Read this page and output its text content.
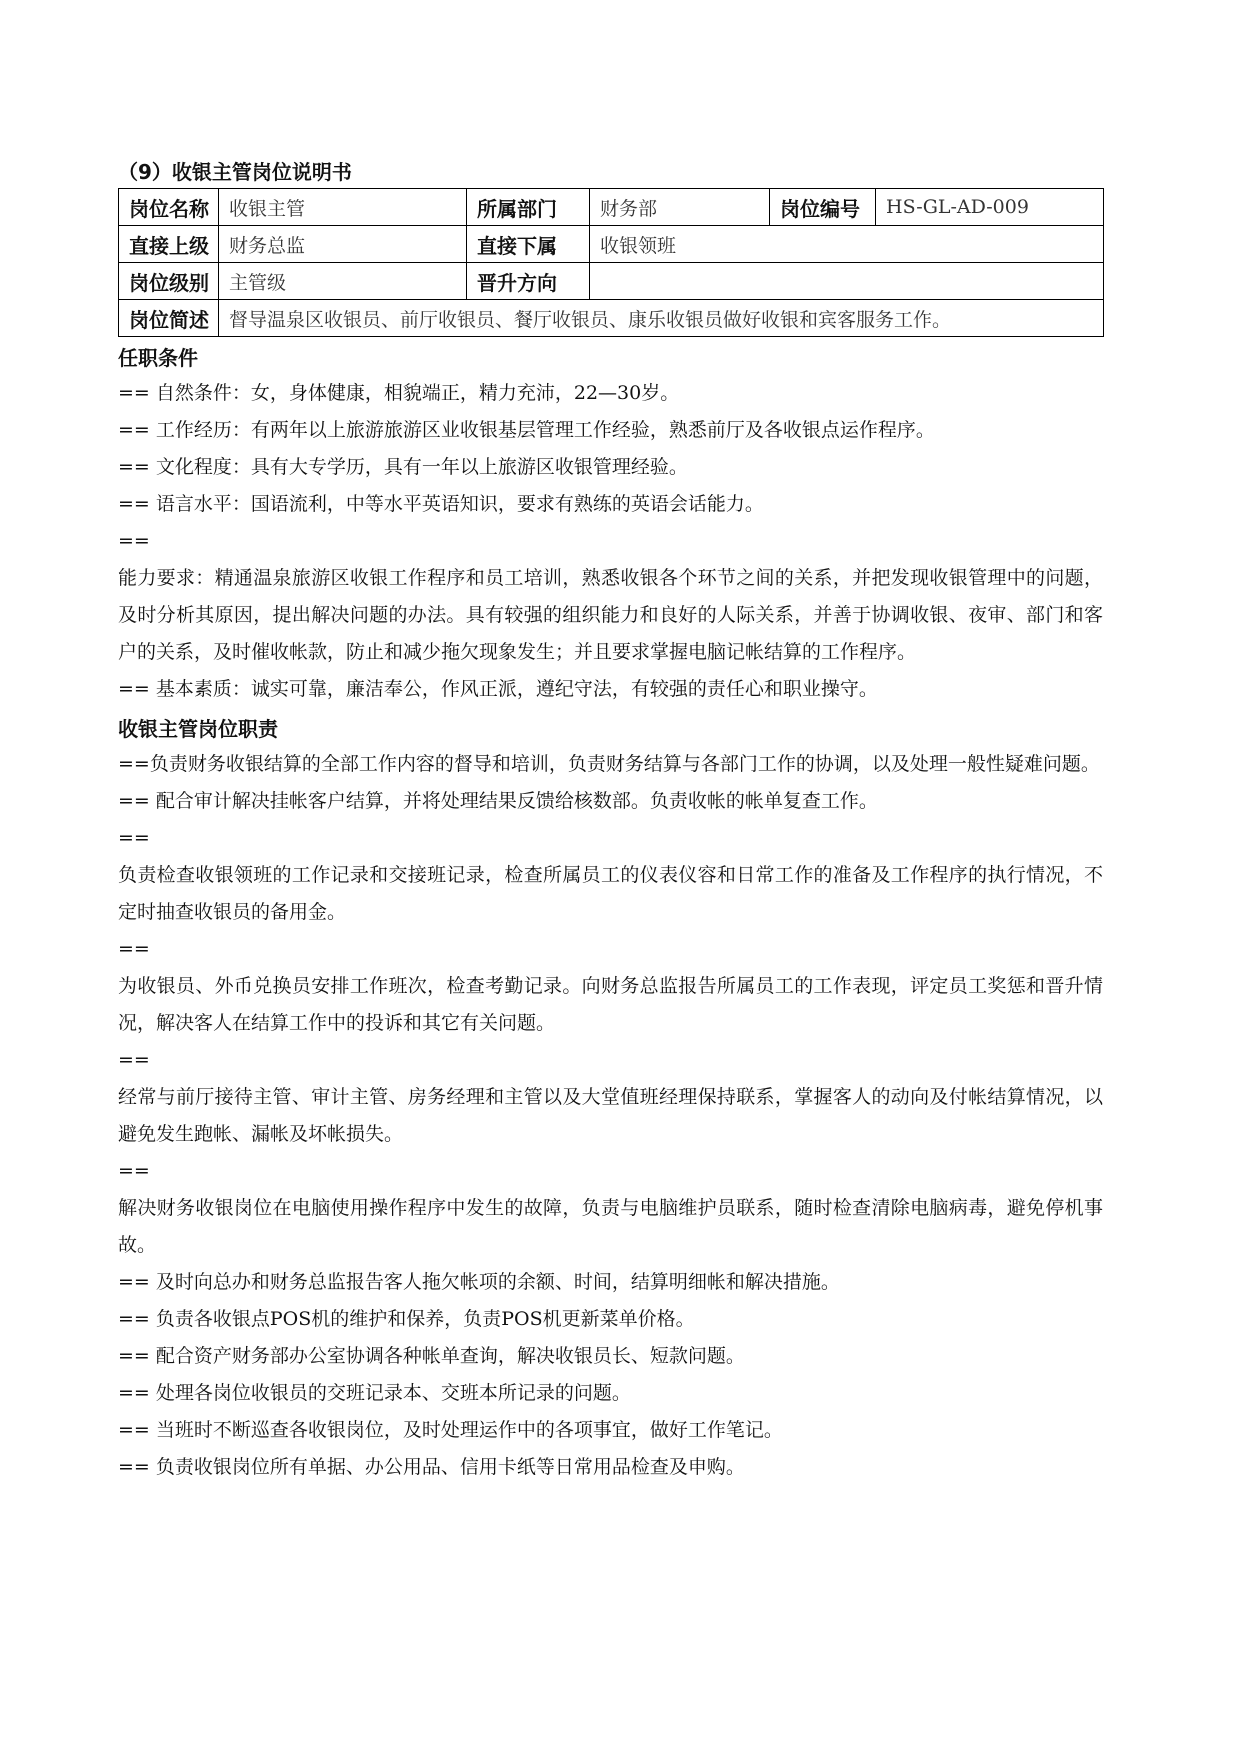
（9）收银主管岗位说明书
岗位名称	收银主管	所属部门	财务部	岗位编号	HS-GL-AD-009
直接上级	财务总监	直接下属	收银领班		
岗位级别	主管级	晋升方向			
岗位简述	督导温泉区收银员、前厅收银员、餐厅收银员、康乐收银员做好收银和宾客服务工作。				
任职条件

== 自然条件：女，身体健康，相貌端正，精力充沛，22—30岁。

== 工作经历：有两年以上旅游旅游区业收银基层管理工作经验，熟悉前厅及各收银点运作程序。

== 文化程度：具有大专学历，具有一年以上旅游区收银管理经验。

== 语言水平：国语流利，中等水平英语知识，要求有熟练的英语会话能力。

==

能力要求：精通温泉旅游区收银工作程序和员工培训，熟悉收银各个环节之间的关系，并把发现收银管理中的问题，及时分析其原因，提出解决问题的办法。具有较强的组织能力和良好的人际关系，并善于协调收银、夜审、部门和客户的关系，及时催收帐款，防止和减少拖欠现象发生；并且要求掌握电脑记帐结算的工作程序。

== 基本素质：诚实可靠，廉洁奉公，作风正派，遵纪守法，有较强的责任心和职业操守。

收银主管岗位职责

==负责财务收银结算的全部工作内容的督导和培训，负责财务结算与各部门工作的协调，以及处理一般性疑难问题。

== 配合审计解决挂帐客户结算，并将处理结果反馈给核数部。负责收帐的帐单复查工作。

==

负责检查收银领班的工作记录和交接班记录，检查所属员工的仪表仪容和日常工作的准备及工作程序的执行情况，不定时抽查收银员的备用金。

==

为收银员、外币兑换员安排工作班次，检查考勤记录。向财务总监报告所属员工的工作表现，评定员工奖惩和晋升情况，解决客人在结算工作中的投诉和其它有关问题。

==

经常与前厅接待主管、审计主管、房务经理和主管以及大堂值班经理保持联系，掌握客人的动向及付帐结算情况，以避免发生跑帐、漏帐及坏帐损失。

==

解决财务收银岗位在电脑使用操作程序中发生的故障，负责与电脑维护员联系，随时检查清除电脑病毒，避免停机事故。

== 及时向总办和财务总监报告客人拖欠帐项的余额、时间，结算明细帐和解决措施。

== 负责各收银点POS机的维护和保养，负责POS机更新菜单价格。

== 配合资产财务部办公室协调各种帐单查询，解决收银员长、短款问题。

== 处理各岗位收银员的交班记录本、交班本所记录的问题。

== 当班时不断巡查各收银岗位，及时处理运作中的各项事宜，做好工作笔记。

== 负责收银岗位所有单据、办公用品、信用卡纸等日常用品检查及申购。
